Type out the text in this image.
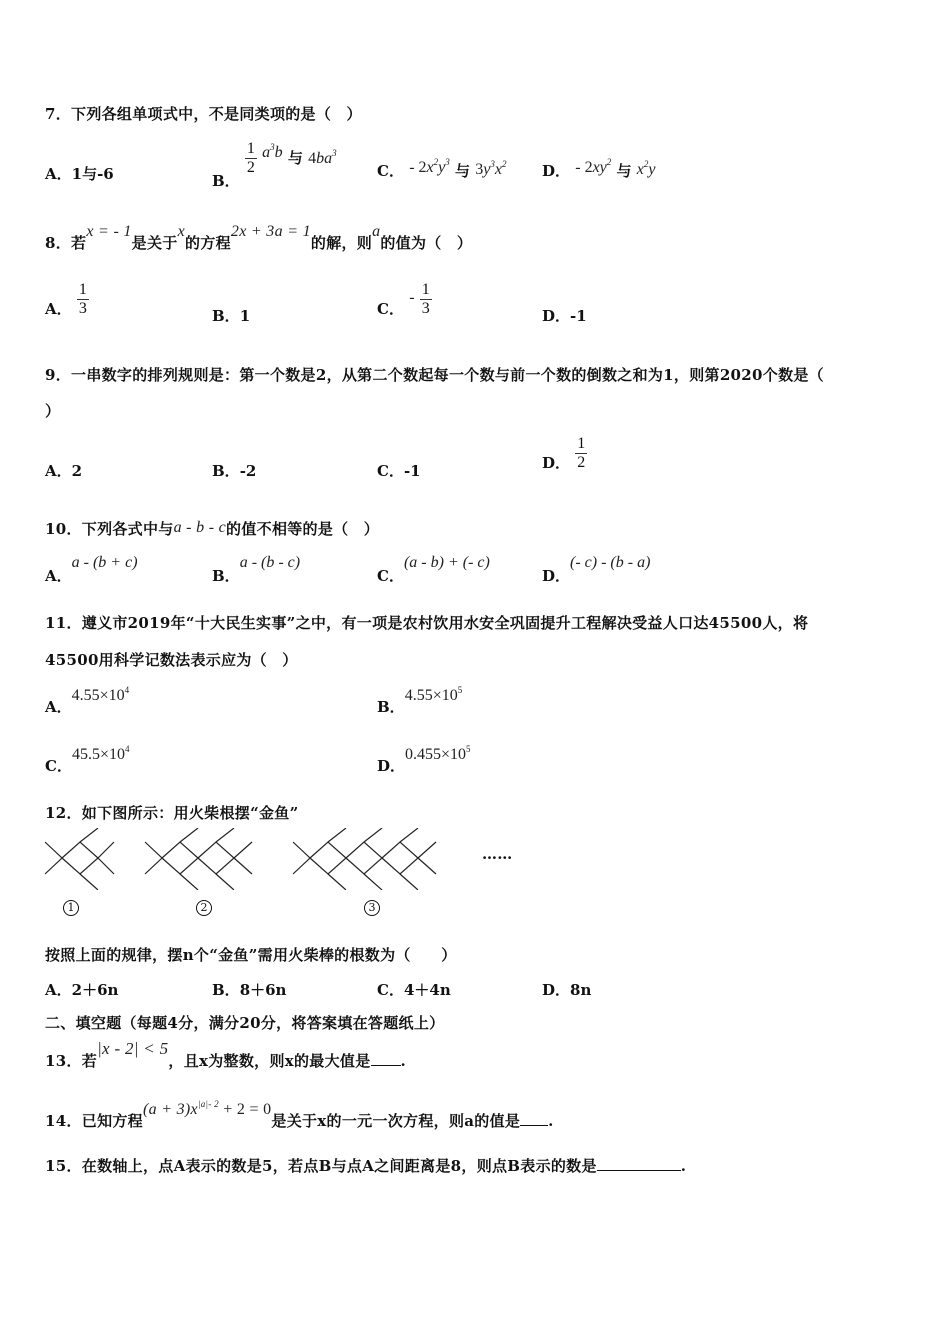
7．下列各组单项式中，不是同类项的是（　）
A．1与-6	B．
$\frac{1}{2} a^3b$ 与 $4ba^3$
C． - $2x^2y^3$ 与 $3y^3x^2$ D． - $2xy^2$ 与 $x^2y$
8．若x = - 1是关于x的方程2x + 3a = 1的解，则a的值为（　）
A． $\frac{1}{3}$	B．1	C． - $\frac{1}{3}$	D．-1
9．一串数字的排列规则是：第一个数是2，从第二个数起每一个数与前一个数的倒数之和为1，则第2020个数是（
）
A．2	B．-2	C．-1	D． $\frac{1}{2}$
10．下列各式中与a - b - c的值不相等的是（　）
A．a - (b + c)
B．a - (b - c)
C．(a - b) + (- c)
D．(- c) - (b - a)
11．遵义市2019年“十大民生实事”之中，有一项是农村饮用水安全巩固提升工程解决受益人口达45500人，将
45500用科学记数法表示应为（　）
A．$4.55\times 10^4$
B．$4.55\times 10^5$
C．$45.5\times 10^4$
D．$0.455\times 10^5$
12．如下图所示：用火柴根摆“金鱼”
……
1	2	3
按照上面的规律，摆n个“金鱼”需用火柴棒的根数为（　　）
A．2＋6n	B．8＋6n	C．4＋4n	D．8n
二、填空题（每题4分，满分20分，将答案填在答题纸上）
13．若|x - 2| < 5，且x为整数，则x的最大值是 .
14．已知方程$(a + 3)x^{|a|- 2} + 2 = 0$是关于x的一元一次方程，则a的值是 .
15．在数轴上，点A表示的数是5，若点B与点A之间距离是8，则点B表示的数是	.
